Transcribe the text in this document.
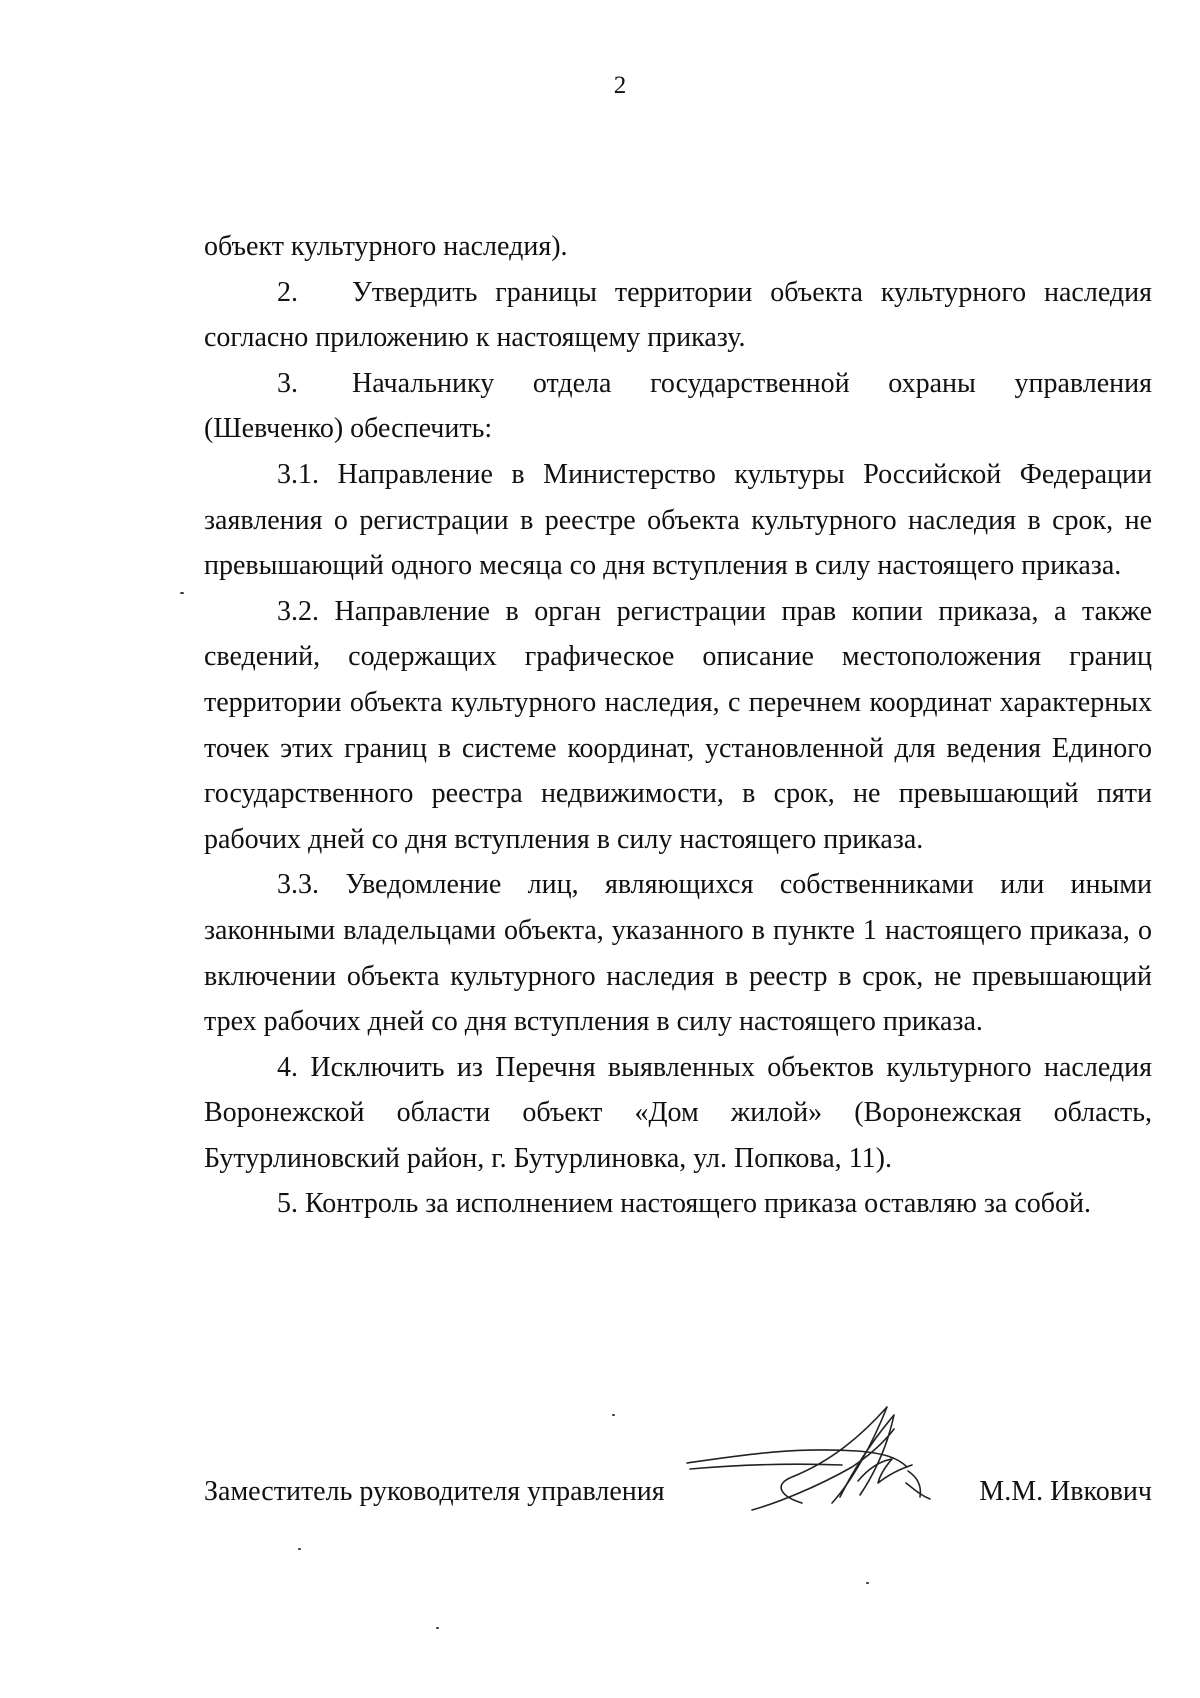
2

объект культурного наследия).

2. Утвердить границы территории объекта культурного наследия согласно приложению к настоящему приказу.

3. Начальнику отдела государственной охраны управления (Шевченко) обеспечить:

3.1. Направление в Министерство культуры Российской Федерации заявления о регистрации в реестре объекта культурного наследия в срок, не превышающий одного месяца со дня вступления в силу настоящего приказа.

3.2. Направление в орган регистрации прав копии приказа, а также сведений, содержащих графическое описание местоположения границ территории объекта культурного наследия, с перечнем координат характерных точек этих границ в системе координат, установленной для ведения Единого государственного реестра недвижимости, в срок, не превышающий пяти рабочих дней со дня вступления в силу настоящего приказа.

3.3. Уведомление лиц, являющихся собственниками или иными законными владельцами объекта, указанного в пункте 1 настоящего приказа, о включении объекта культурного наследия в реестр в срок, не превышающий трех рабочих дней со дня вступления в силу настоящего приказа.

4. Исключить из Перечня выявленных объектов культурного наследия Воронежской области объект «Дом жилой» (Воронежская область, Бутурлиновский район, г. Бутурлиновка, ул. Попкова, 11).

5. Контроль за исполнением настоящего приказа оставляю за собой.

Заместитель руководителя управления	М.М. Ивкович
